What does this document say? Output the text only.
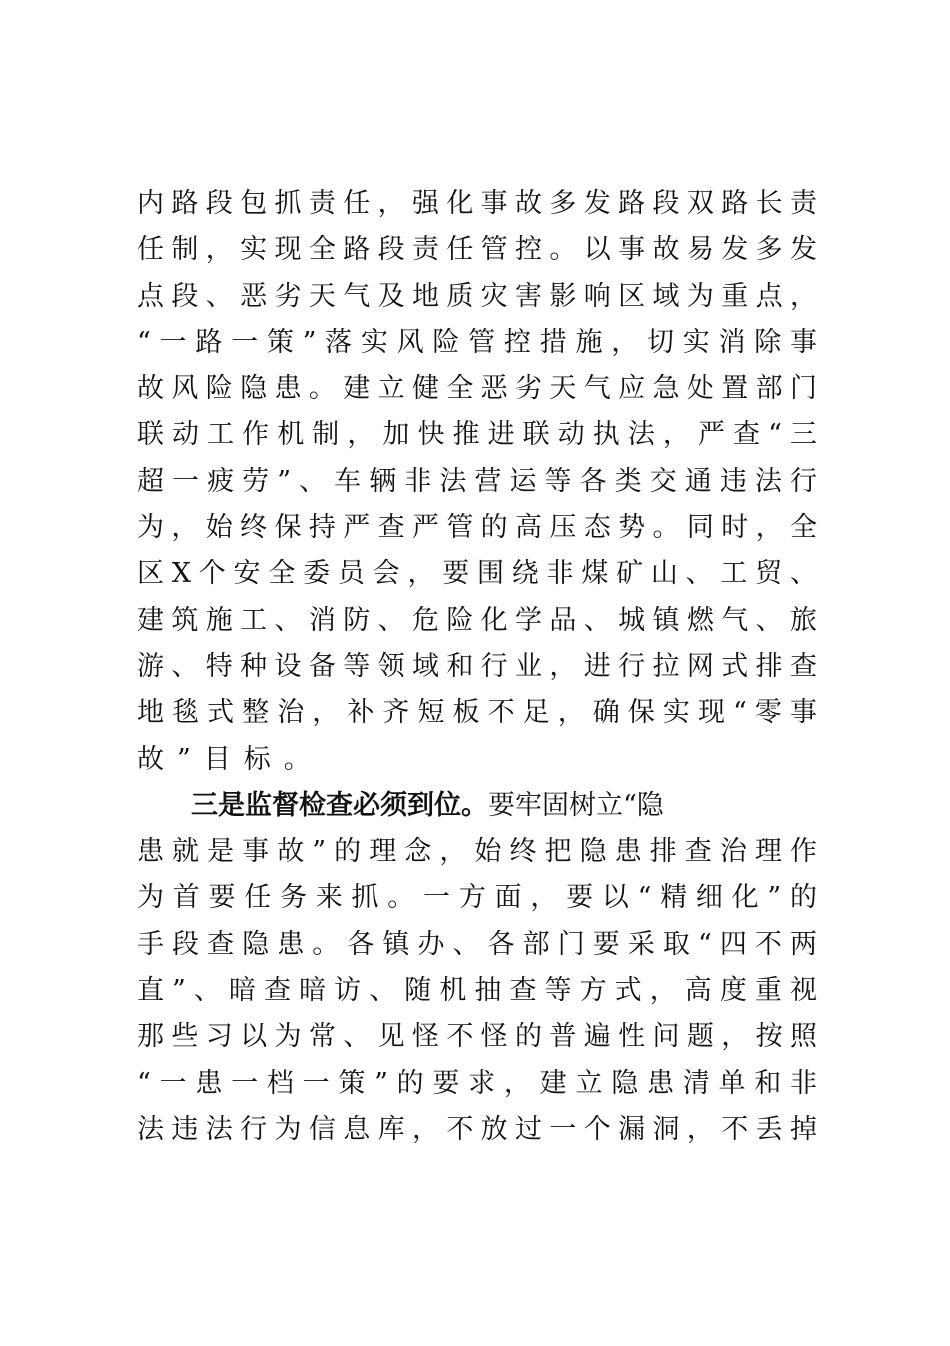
内路段包抓责任，强化事故多发路段双路长责
任制，实现全路段责任管控。以事故易发多发
点段、恶劣天气及地质灾害影响区域为重点，
“一路一策”落实风险管控措施，切实消除事
故风险隐患。建立健全恶劣天气应急处置部门
联动工作机制，加快推进联动执法，严查“三
超一疲劳”、车辆非法营运等各类交通违法行
为，始终保持严查严管的高压态势。同时，全
区X个安全委员会，要围绕非煤矿山、工贸、
建筑施工、消防、危险化学品、城镇燃气、旅
游、特种设备等领域和行业，进行拉网式排查
地毯式整治，补齐短板不足，确保实现“零事
故”目标。
三是监督检查必须到位。要牢固树立“隐
患就是事故”的理念，始终把隐患排查治理作
为首要任务来抓。一方面，要以“精细化”的
手段查隐患。各镇办、各部门要采取“四不两
直”、暗查暗访、随机抽查等方式，高度重视
那些习以为常、见怪不怪的普遍性问题，按照
“一患一档一策”的要求，建立隐患清单和非
法违法行为信息库，不放过一个漏洞，不丢掉
